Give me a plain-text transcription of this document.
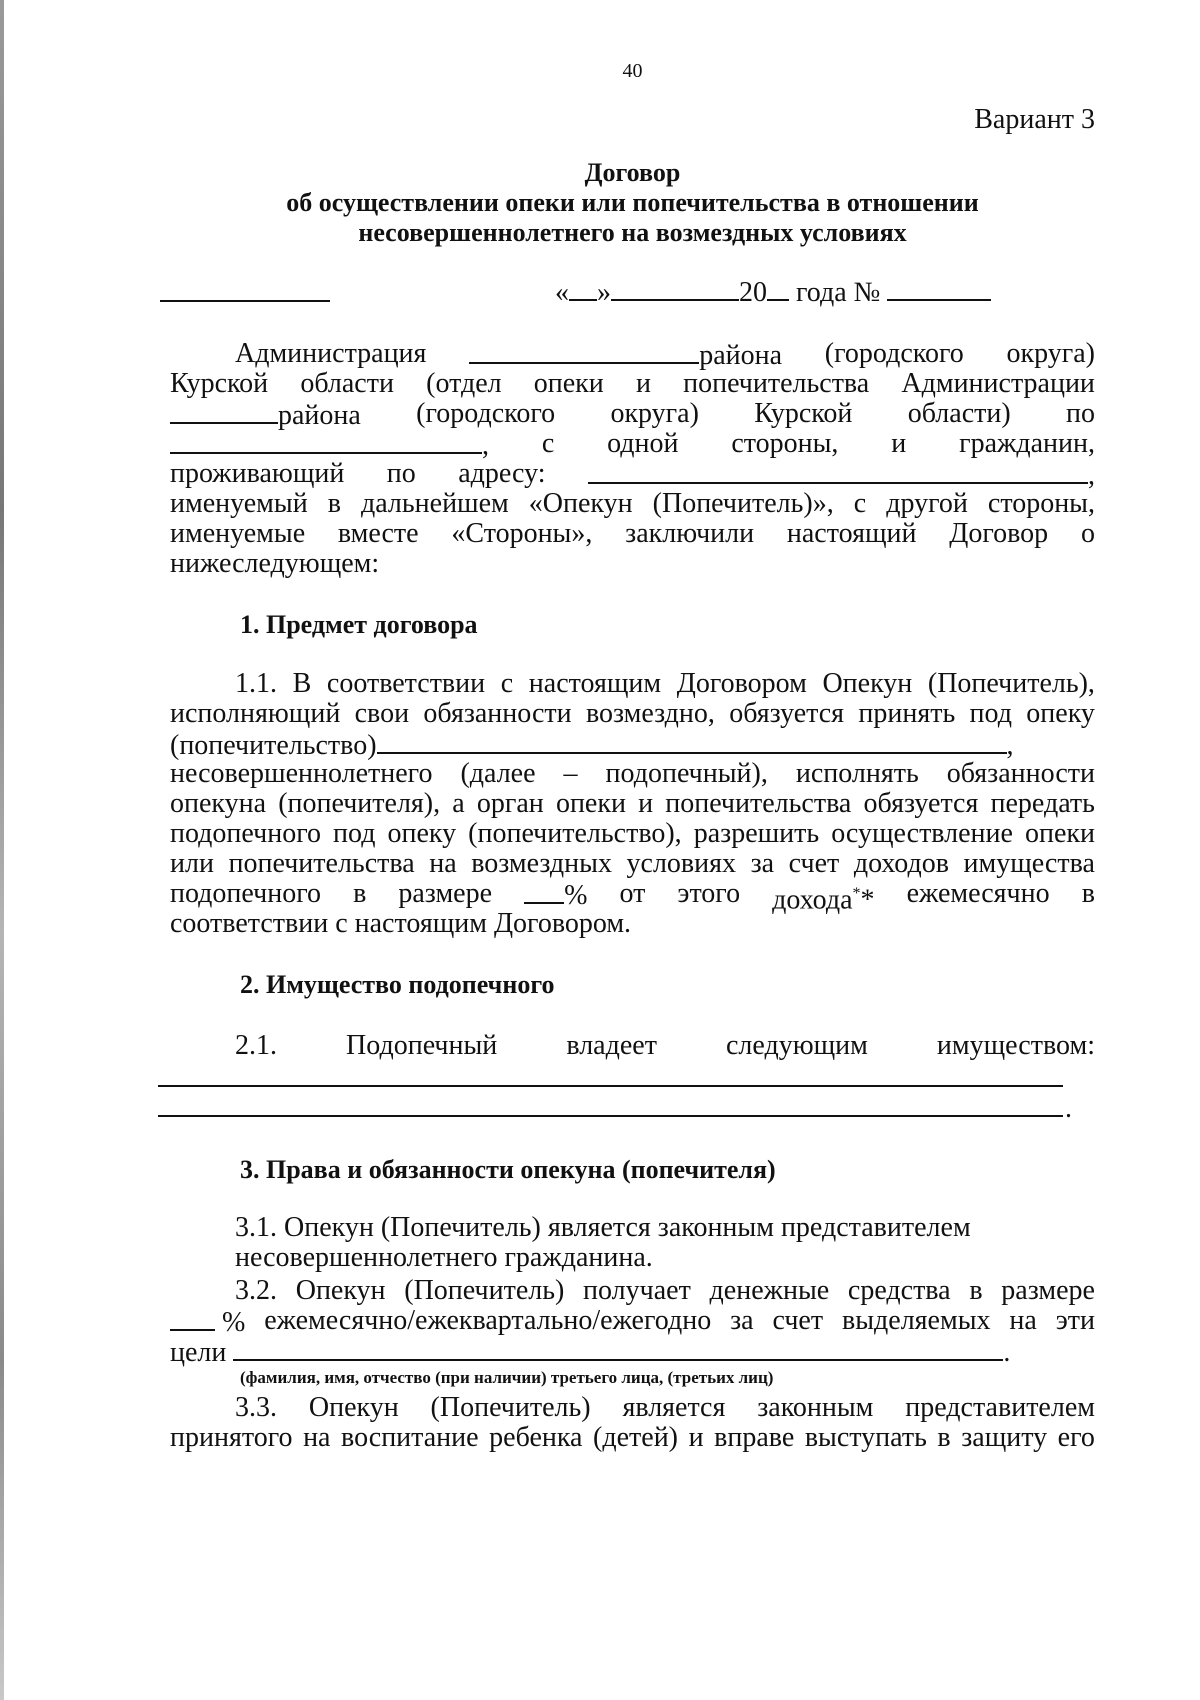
40
Вариант 3
Договор
об осуществлении опеки или попечительства в отношении
несовершеннолетнего на возмездных условиях
« »	20 года №
Администрация	района (городского округа)
Курской области (отдел опеки и попечительства Администрации
района (городского округа) Курской области) по
, с одной стороны, и гражданин,
проживающий по адресу:	,
именуемый в дальнейшем «Опекун (Попечитель)», с другой стороны,
именуемые вместе «Стороны», заключили настоящий Договор о
нижеследующем:
1. Предмет договора
1.1. В соответствии с настоящим Договором Опекун (Попечитель),
исполняющий свои обязанности возмездно, обязуется принять под опеку
(попечительство)	,
несовершеннолетнего (далее – подопечный), исполнять обязанности
опекуна (попечителя), а орган опеки и попечительства обязуется передать
подопечного под опеку (попечительство), разрешить осуществление опеки
или попечительства на возмездных условиях за счет доходов имущества
подопечного в размере	% от этого дохода** ежемесячно в
соответствии с настоящим Договором.
2. Имущество подопечного
2.1. Подопечный владеет следующим имуществом:
.
3. Права и обязанности опекуна (попечителя)
3.1. Опекун (Попечитель) является законным представителем
несовершеннолетнего гражданина.
3.2. Опекун (Попечитель) получает денежные средства в размере
% ежемесячно/ежеквартально/ежегодно за счет выделяемых на эти
цели	.
(фамилия, имя, отчество (при наличии) третьего лица, (третьих лиц)
3.3. Опекун (Попечитель) является законным представителем
принятого на воспитание ребенка (детей) и вправе выступать в защиту его
